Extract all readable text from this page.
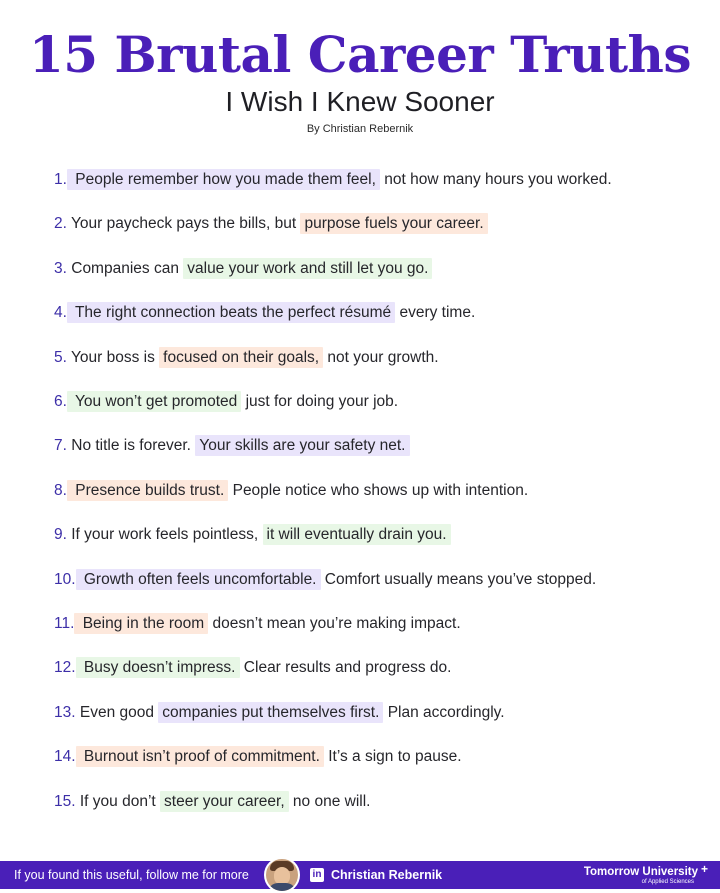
15 Brutal Career Truths
I Wish I Knew Sooner
By Christian Rebernik
1. People remember how you made them feel, not how many hours you worked.
2. Your paycheck pays the bills, but purpose fuels your career.
3. Companies can value your work and still let you go.
4. The right connection beats the perfect résumé every time.
5. Your boss is focused on their goals, not your growth.
6. You won’t get promoted just for doing your job.
7. No title is forever. Your skills are your safety net.
8. Presence builds trust. People notice who shows up with intention.
9. If your work feels pointless, it will eventually drain you.
10. Growth often feels uncomfortable. Comfort usually means you’ve stopped.
11. Being in the room doesn’t mean you’re making impact.
12. Busy doesn’t impress. Clear results and progress do.
13. Even good companies put themselves first. Plan accordingly.
14. Burnout isn’t proof of commitment. It’s a sign to pause.
15. If you don’t steer your career, no one will.
If you found this useful, follow me for more	in Christian Rebernik	Tomorrow University
of Applied Sciences
+
